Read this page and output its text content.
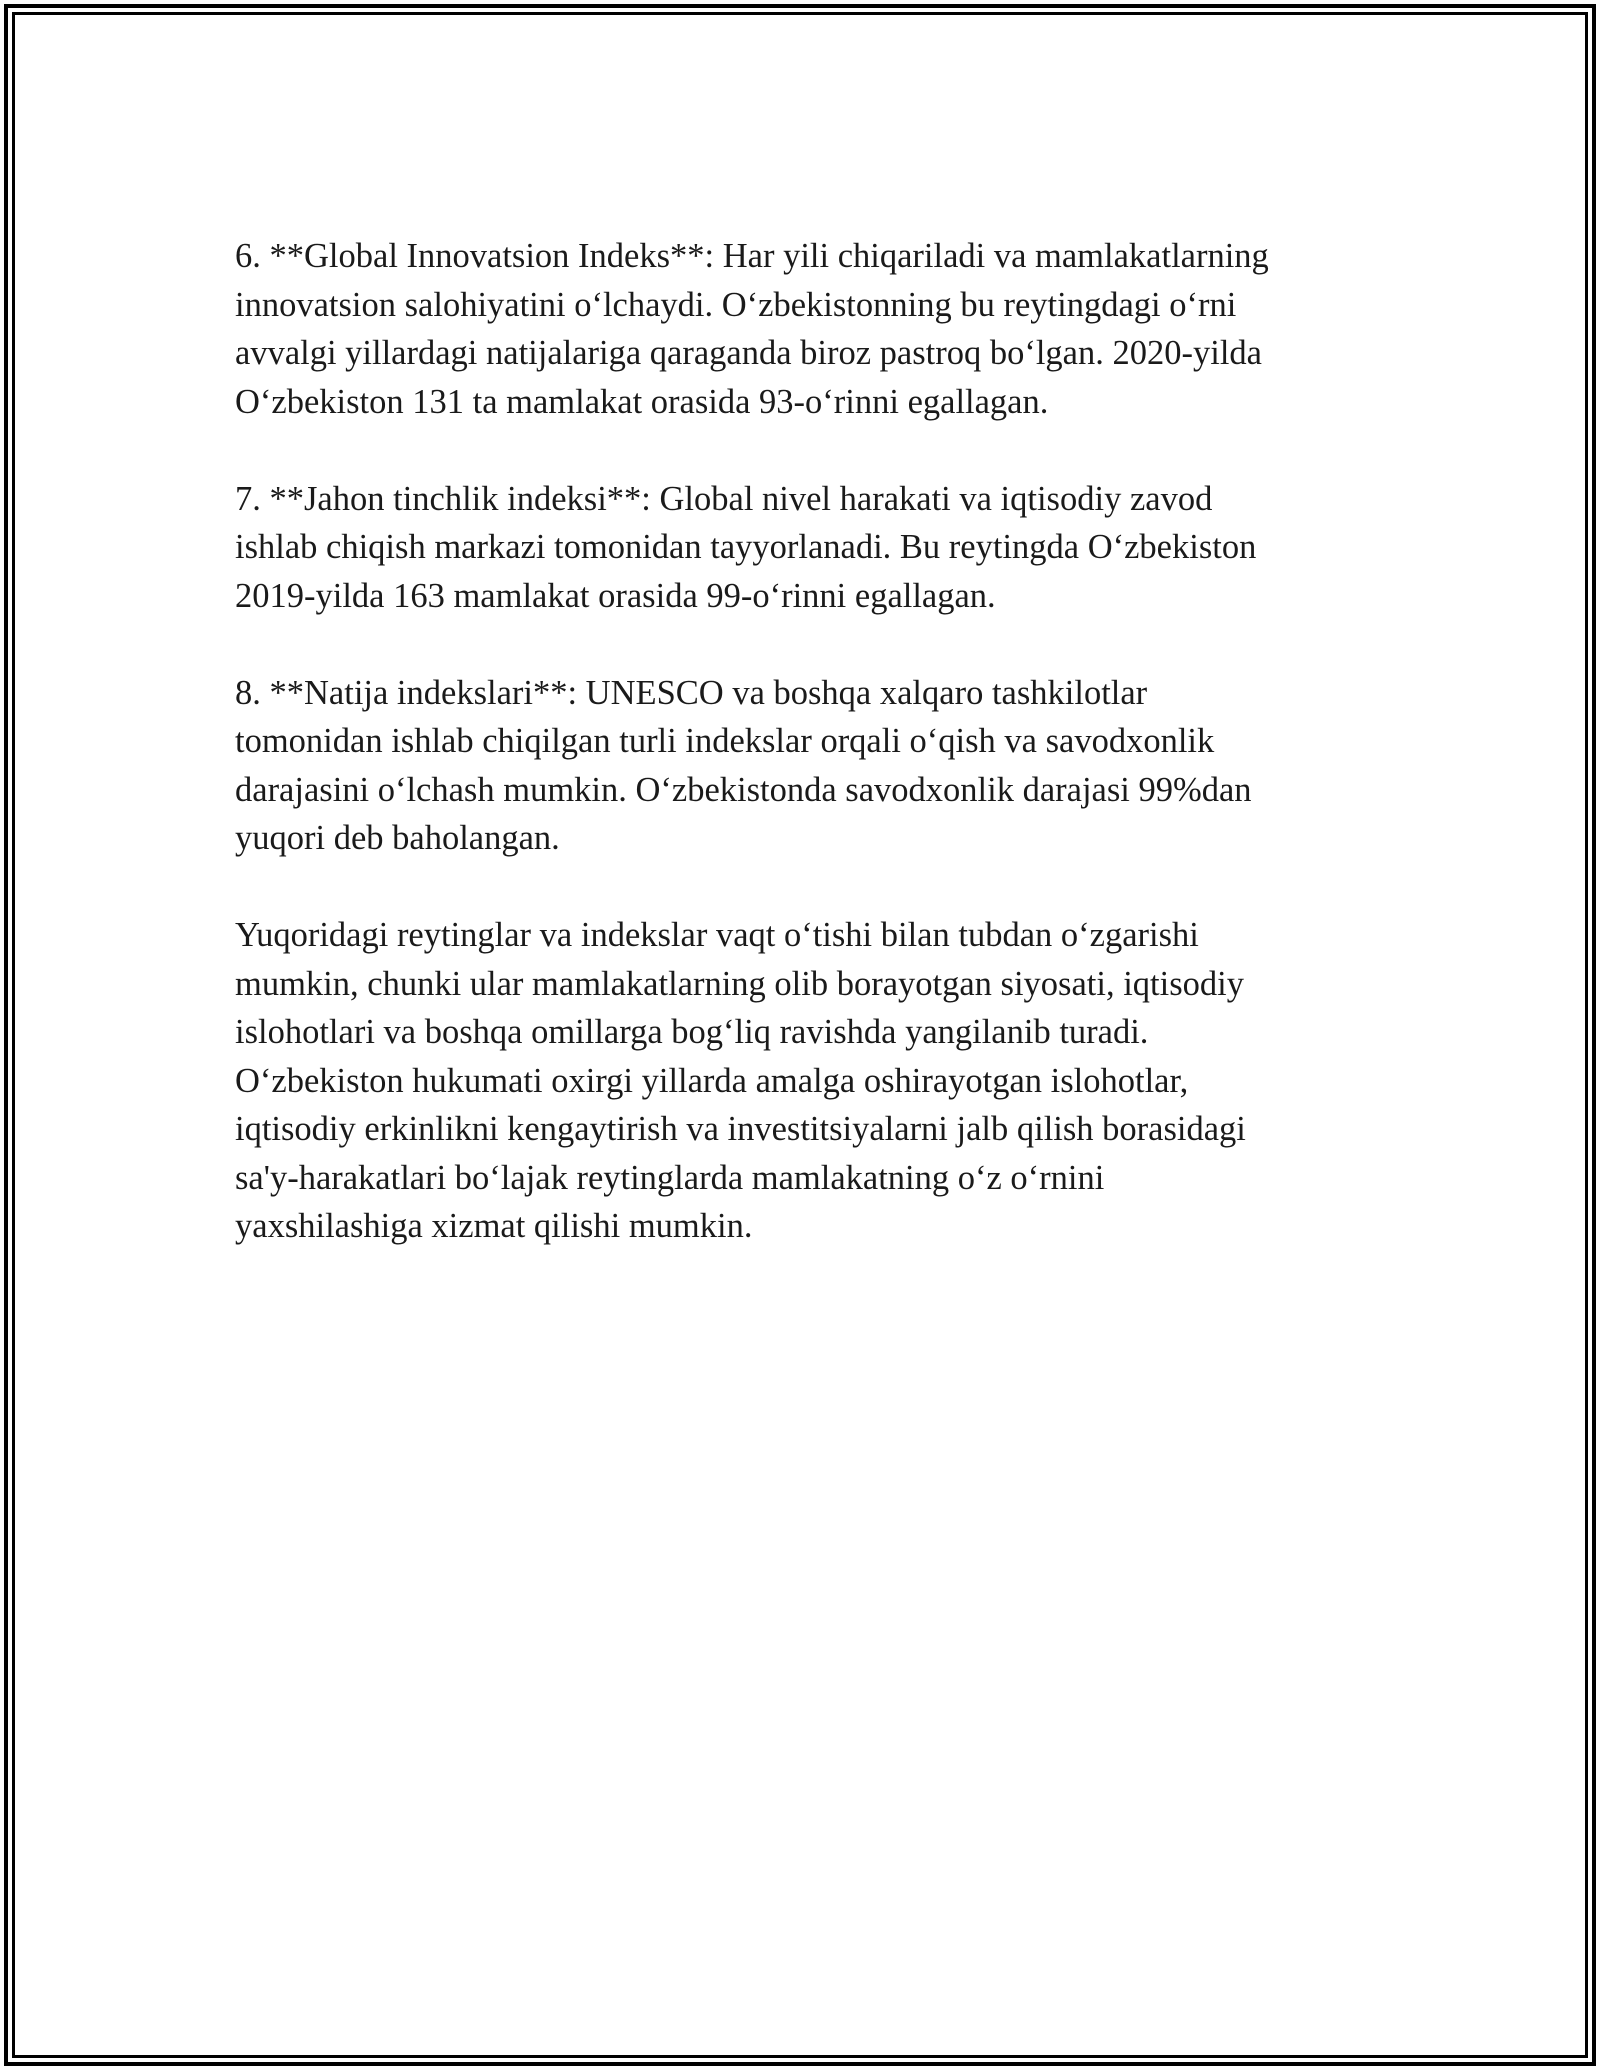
6. **Global Innovatsion Indeks**: Har yili chiqariladi va mamlakatlarning
innovatsion salohiyatini o‘lchaydi. O‘zbekistonning bu reytingdagi o‘rni
avvalgi yillardagi natijalariga qaraganda biroz pastroq bo‘lgan. 2020-yilda
O‘zbekiston 131 ta mamlakat orasida 93-o‘rinni egallagan.

7. **Jahon tinchlik indeksi**: Global nivel harakati va iqtisodiy zavod
ishlab chiqish markazi tomonidan tayyorlanadi. Bu reytingda O‘zbekiston
2019-yilda 163 mamlakat orasida 99-o‘rinni egallagan.

8. **Natija indekslari**: UNESCO va boshqa xalqaro tashkilotlar
tomonidan ishlab chiqilgan turli indekslar orqali o‘qish va savodxonlik
darajasini o‘lchash mumkin. O‘zbekistonda savodxonlik darajasi 99%dan
yuqori deb baholangan.

Yuqoridagi reytinglar va indekslar vaqt o‘tishi bilan tubdan o‘zgarishi
mumkin, chunki ular mamlakatlarning olib borayotgan siyosati, iqtisodiy
islohotlari va boshqa omillarga bog‘liq ravishda yangilanib turadi.
O‘zbekiston hukumati oxirgi yillarda amalga oshirayotgan islohotlar,
iqtisodiy erkinlikni kengaytirish va investitsiyalarni jalb qilish borasidagi
sa'y-harakatlari bo‘lajak reytinglarda mamlakatning o‘z o‘rnini
yaxshilashiga xizmat qilishi mumkin.
